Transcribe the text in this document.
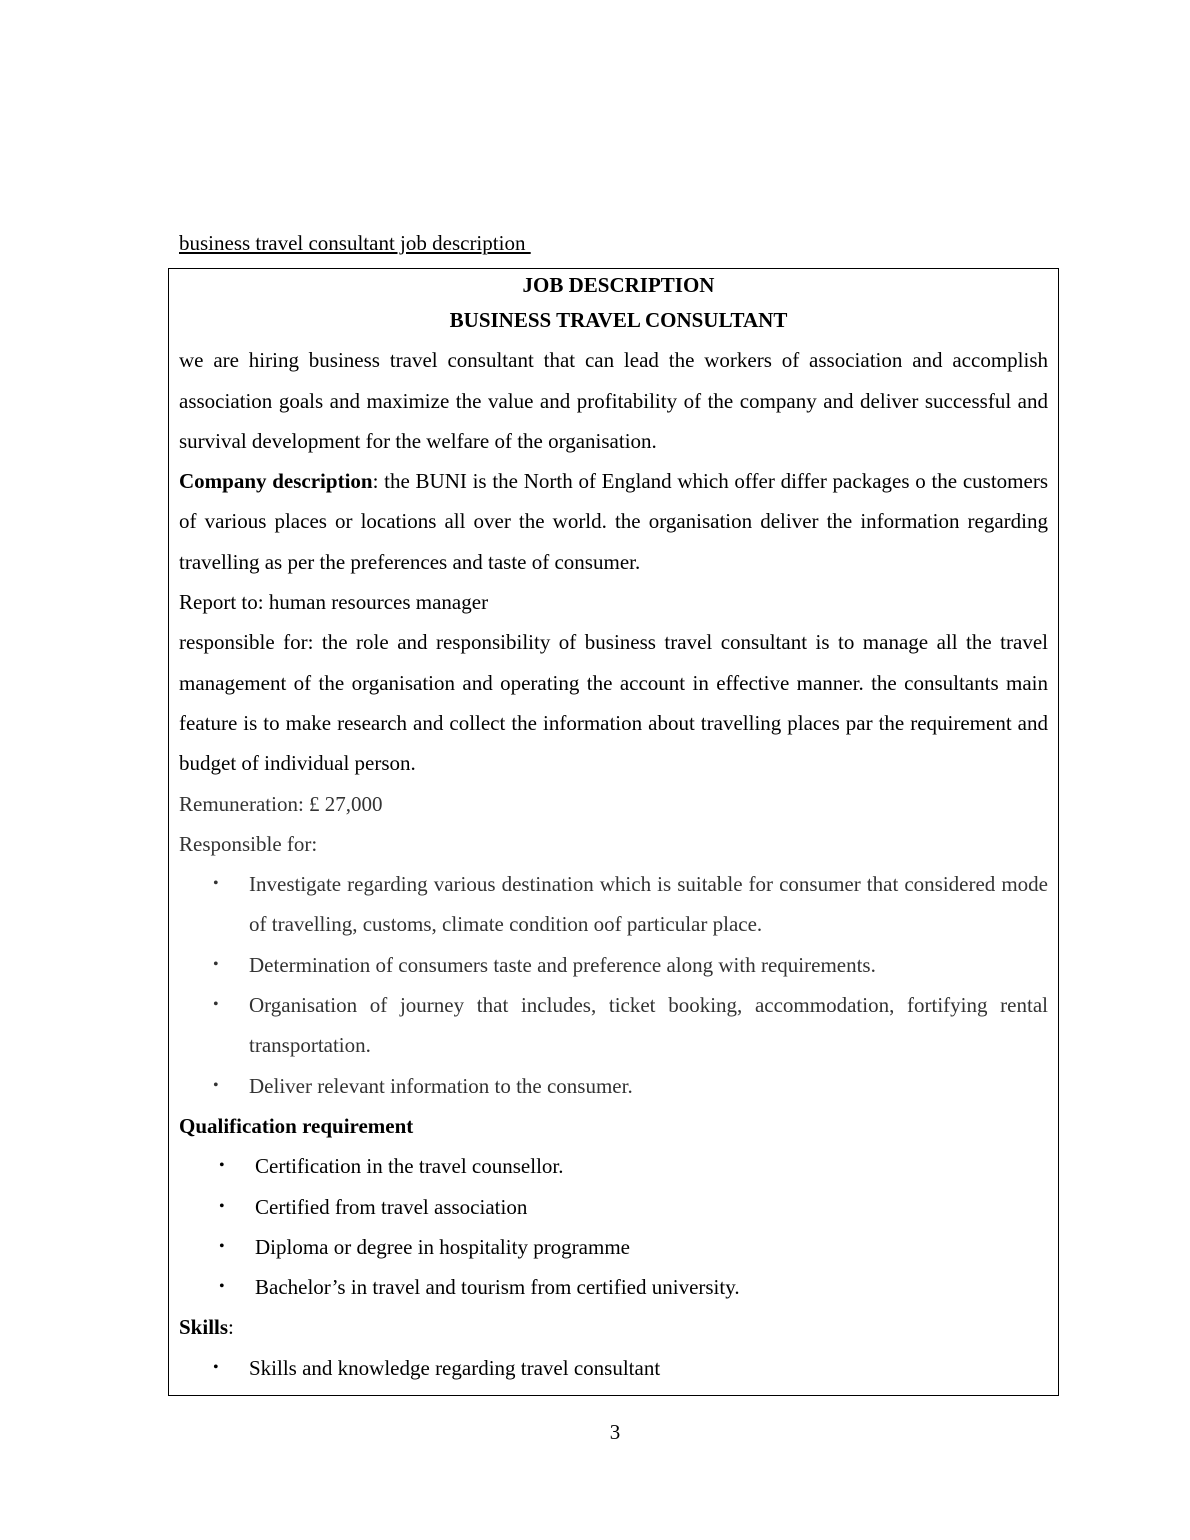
business travel consultant job description

JOB DESCRIPTION

BUSINESS TRAVEL CONSULTANT

we are hiring business travel consultant that can lead the workers of association and accomplish association goals and maximize the value and profitability of the company and deliver successful and survival development for the welfare of the organisation.

Company description: the BUNI is the North of England which offer differ packages o the customers of various places or locations all over the world. the organisation deliver the information regarding travelling as per the preferences and taste of consumer.

Report to: human resources manager

responsible for: the role and responsibility of business travel consultant is to manage all the travel management of the organisation and operating the account in effective manner. the consultants main feature is to make research and collect the information about travelling places par the requirement and budget of individual person.

Remuneration: £ 27,000

Responsible for:

• Investigate regarding various destination which is suitable for consumer that considered mode of travelling, customs, climate condition oof particular place.
• Determination of consumers taste and preference along with requirements.
• Organisation of journey that includes, ticket booking, accommodation, fortifying rental transportation.
• Deliver relevant information to the consumer.

Qualification requirement

• Certification in the travel counsellor.
• Certified from travel association
• Diploma or degree in hospitality programme
• Bachelor’s in travel and tourism from certified university.

Skills:

• Skills and knowledge regarding travel consultant
3
